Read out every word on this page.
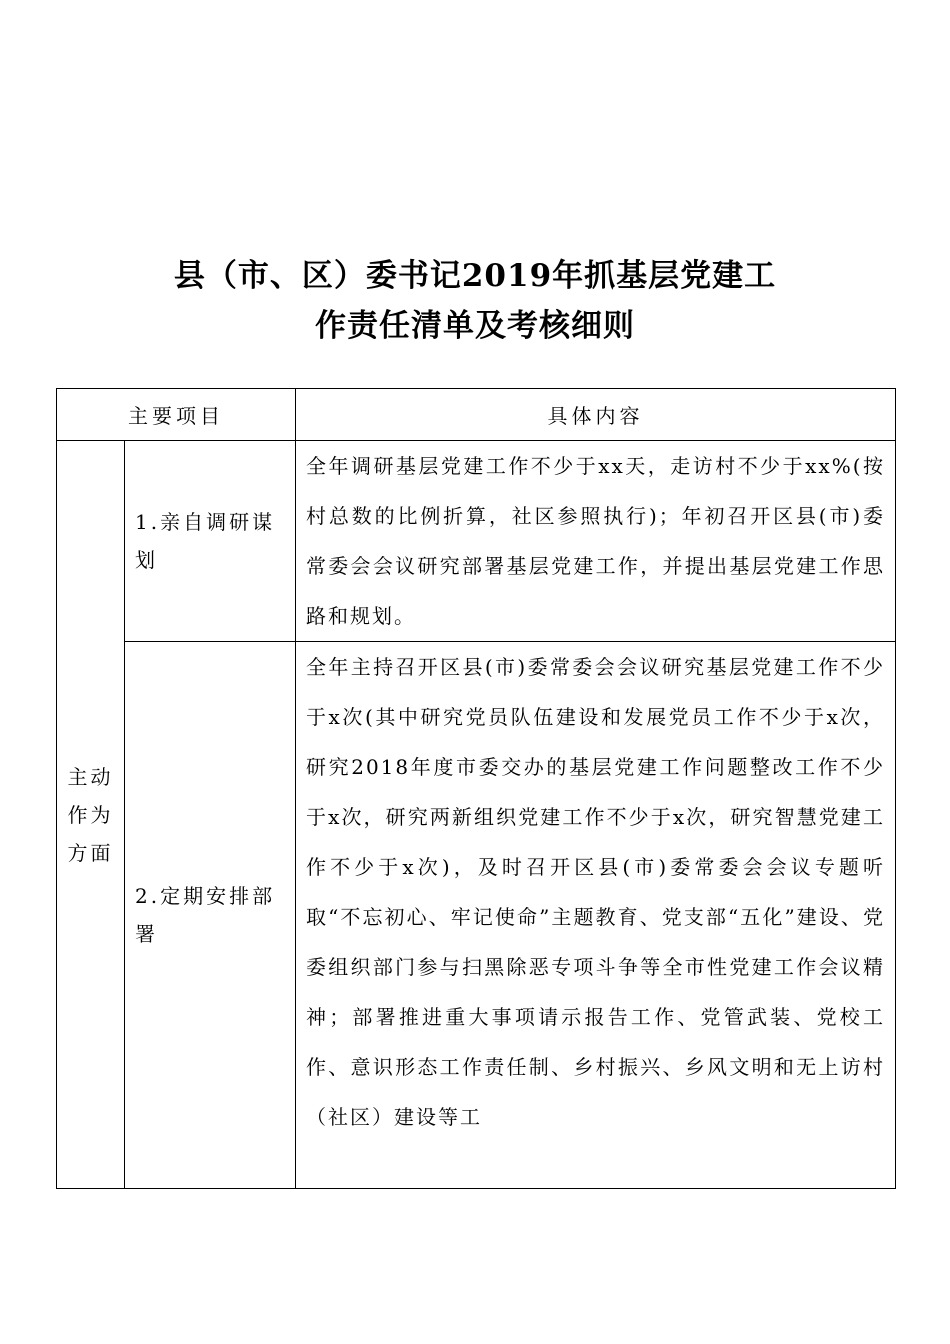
县（市、区）委书记2019年抓基层党建工
作责任清单及考核细则
主要项目		具体内容

主动
作为
方面	1.亲自调研谋划	全年调研基层党建工作不少于xx天，走访村不少于xx%(按村总数的比例折算，社区参照执行)；年初召开区县(市)委常委会会议研究部署基层党建工作，并提出基层党建工作思路和规划。
	2.定期安排部署	全年主持召开区县(市)委常委会会议研究基层党建工作不少于x次(其中研究党员队伍建设和发展党员工作不少于x次，研究2018年度市委交办的基层党建工作问题整改工作不少于x次，研究两新组织党建工作不少于x次，研究智慧党建工作不少于x次)，及时召开区县(市)委常委会会议专题听取“不忘初心、牢记使命”主题教育、党支部“五化”建设、党委组织部门参与扫黑除恶专项斗争等全市性党建工作会议精神；部署推进重大事项请示报告工作、党管武装、党校工作、意识形态工作责任制、乡村振兴、乡风文明和无上访村（社区）建设等工
